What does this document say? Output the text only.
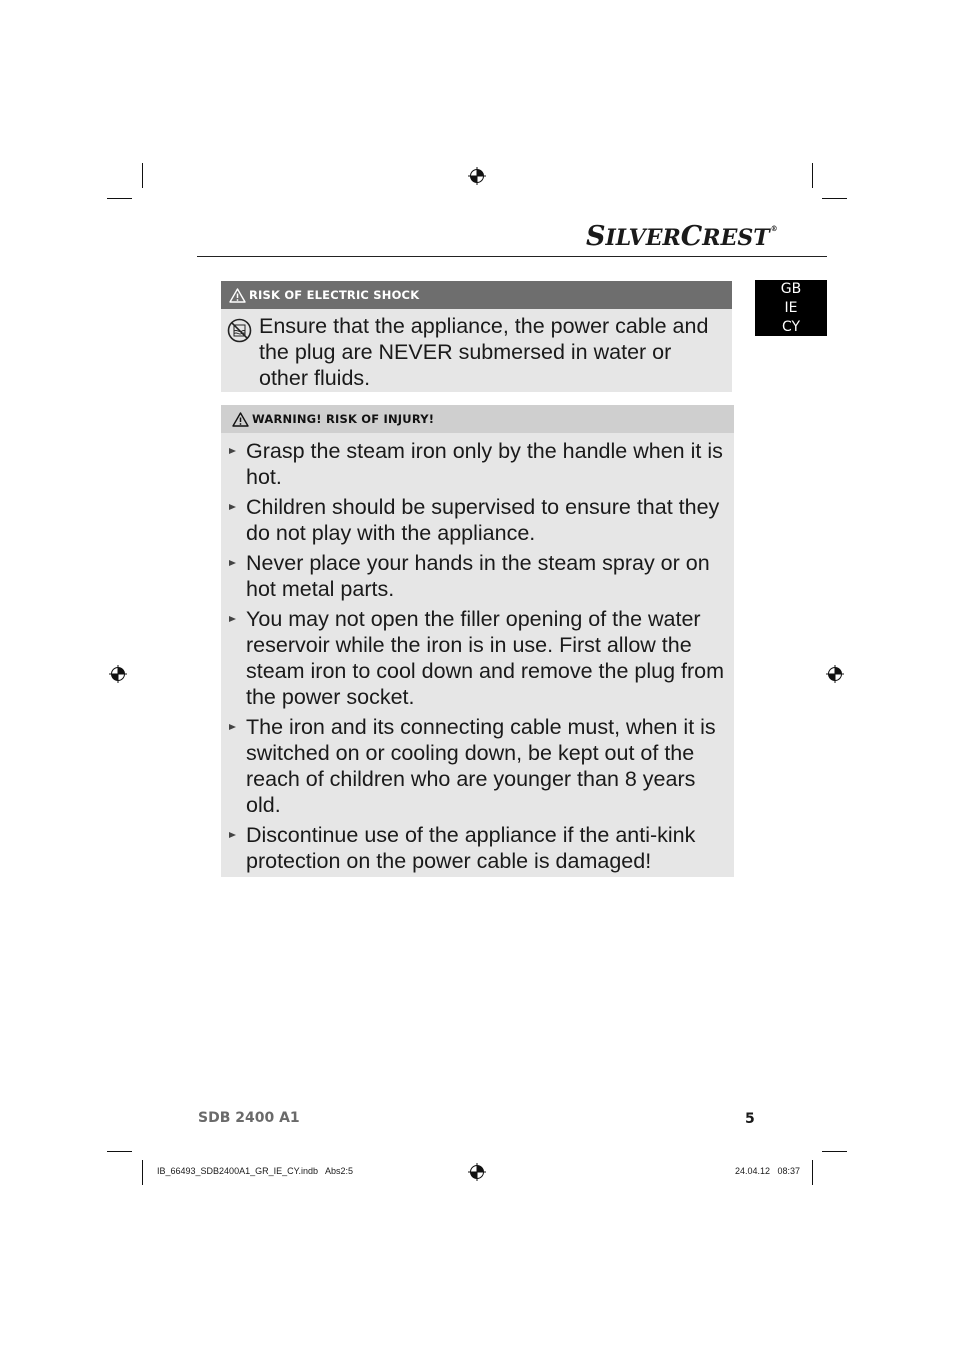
SILVERCREST®
GB
IE
CY
RISK OF ELECTRIC SHOCK
Ensure that the appliance, the power cable and the plug are NEVER submersed in water or other fluids.
WARNING! RISK OF INJURY!
Grasp the steam iron only by the handle when it is hot.
Children should be supervised to ensure that they do not play with the appliance.
Never place your hands in the steam spray or on hot metal parts.
You may not open the filler opening of the water reservoir while the iron is in use. First allow the steam iron to cool down and remove the plug from the power socket.
The iron and its connecting cable must, when it is switched on or cooling down, be kept out of the reach of children who are younger than 8 years old.
Discontinue use of the appliance if the anti-kink protection on the power cable is damaged!
SDB 2400 A1	5
IB_66493_SDB2400A1_GR_IE_CY.indb   Abs2:5	24.04.12   08:37
